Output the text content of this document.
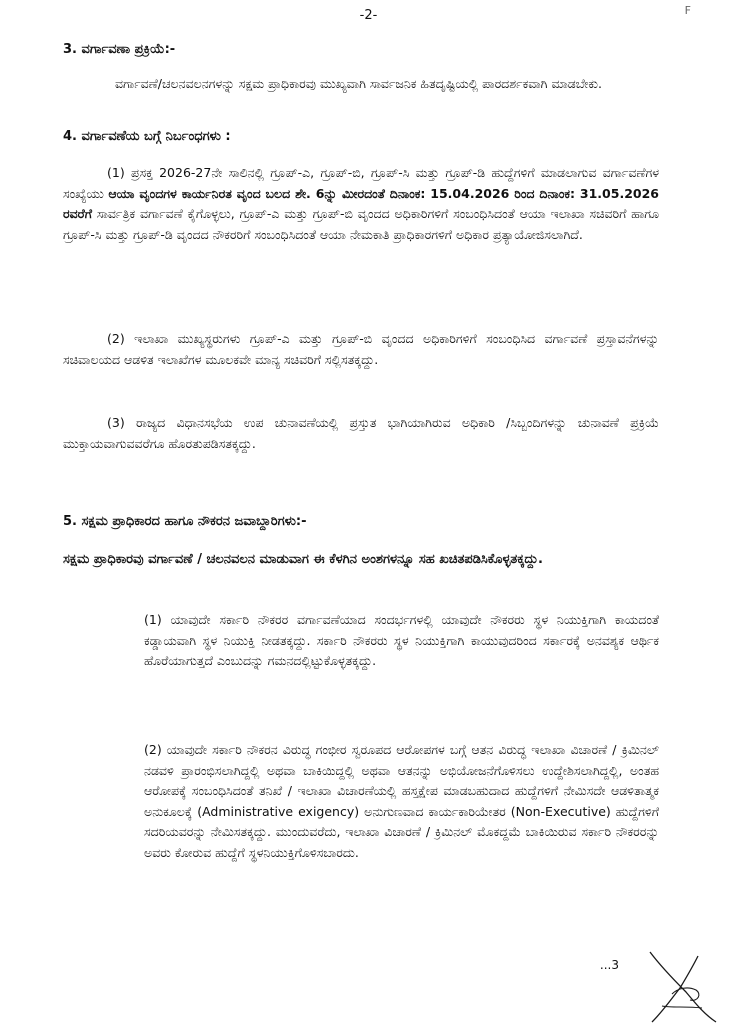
-2-	F
3. ವರ್ಗಾವಣಾ ಪ್ರಕ್ರಿಯೆ:-
ವರ್ಗಾವಣೆ/ಚಲನವಲನಗಳನ್ನು ಸಕ್ಷಮ ಪ್ರಾಧಿಕಾರವು ಮುಖ್ಯವಾಗಿ ಸಾರ್ವಜನಿಕ ಹಿತದೃಷ್ಟಿಯಲ್ಲಿ ಪಾರದರ್ಶಕವಾಗಿ ಮಾಡಬೇಕು.
4. ವರ್ಗಾವಣೆಯ ಬಗ್ಗೆ ನಿರ್ಬಂಧಗಳು :
(1) ಪ್ರಸಕ್ತ 2026-27ನೇ ಸಾಲಿನಲ್ಲಿ ಗ್ರೂಪ್-ಎ, ಗ್ರೂಪ್-ಬಿ, ಗ್ರೂಪ್-ಸಿ ಮತ್ತು ಗ್ರೂಪ್-ಡಿ ಹುದ್ದೆಗಳಿಗೆ ಮಾಡಲಾಗುವ ವರ್ಗಾವಣೆಗಳ ಸಂಖ್ಯೆಯು ಆಯಾ ವೃಂದಗಳ ಕಾರ್ಯನಿರತ ವೃಂದ ಬಲದ ಶೇ. 6ನ್ನು ಮೀರದಂತೆ ದಿನಾಂಕ: 15.04.2026 ರಿಂದ ದಿನಾಂಕ: 31.05.2026 ರವರೆಗೆ ಸಾರ್ವತ್ರಿಕ ವರ್ಗಾವಣೆ ಕೈಗೊಳ್ಳಲು, ಗ್ರೂಪ್-ಎ ಮತ್ತು ಗ್ರೂಪ್-ಬಿ ವೃಂದದ ಅಧಿಕಾರಿಗಳಿಗೆ ಸಂಬಂಧಿಸಿದಂತೆ ಆಯಾ ಇಲಾಖಾ ಸಚಿವರಿಗೆ ಹಾಗೂ ಗ್ರೂಪ್-ಸಿ ಮತ್ತು ಗ್ರೂಪ್-ಡಿ ವೃಂದದ ನೌಕರರಿಗೆ ಸಂಬಂಧಿಸಿದಂತೆ ಆಯಾ ನೇಮಕಾತಿ ಪ್ರಾಧಿಕಾರಗಳಿಗೆ ಅಧಿಕಾರ ಪ್ರತ್ಯಾಯೋಜಿಸಲಾಗಿದೆ.
(2) ಇಲಾಖಾ ಮುಖ್ಯಸ್ಥರುಗಳು ಗ್ರೂಪ್-ಎ ಮತ್ತು ಗ್ರೂಪ್-ಬಿ ವೃಂದದ ಅಧಿಕಾರಿಗಳಿಗೆ ಸಂಬಂಧಿಸಿದ ವರ್ಗಾವಣೆ ಪ್ರಸ್ತಾವನೆಗಳನ್ನು ಸಚಿವಾಲಯದ ಆಡಳಿತ ಇಲಾಖೆಗಳ ಮೂಲಕವೇ ಮಾನ್ಯ ಸಚಿವರಿಗೆ ಸಲ್ಲಿಸತಕ್ಕದ್ದು.
(3) ರಾಜ್ಯದ ವಿಧಾನಸಭೆಯ ಉಪ ಚುನಾವಣೆಯಲ್ಲಿ ಪ್ರಸ್ತುತ ಭಾಗಿಯಾಗಿರುವ ಅಧಿಕಾರಿ /ಸಿಬ್ಬಂದಿಗಳನ್ನು ಚುನಾವಣೆ ಪ್ರಕ್ರಿಯೆ ಮುಕ್ತಾಯವಾಗುವವರೆಗೂ ಹೊರತುಪಡಿಸತಕ್ಕದ್ದು.
5. ಸಕ್ಷಮ ಪ್ರಾಧಿಕಾರದ ಹಾಗೂ ನೌಕರನ ಜವಾಬ್ದಾರಿಗಳು:-
ಸಕ್ಷಮ ಪ್ರಾಧಿಕಾರವು ವರ್ಗಾವಣೆ / ಚಲನವಲನ ಮಾಡುವಾಗ ಈ ಕೆಳಗಿನ ಅಂಶಗಳನ್ನೂ ಸಹ ಖಚಿತಪಡಿಸಿಕೊಳ್ಳತಕ್ಕದ್ದು.
(1) ಯಾವುದೇ ಸರ್ಕಾರಿ ನೌಕರರ ವರ್ಗಾವಣೆಯಾದ ಸಂದರ್ಭಗಳಲ್ಲಿ ಯಾವುದೇ ನೌಕರರು ಸ್ಥಳ ನಿಯುಕ್ತಿಗಾಗಿ ಕಾಯದಂತೆ ಕಡ್ಡಾಯವಾಗಿ ಸ್ಥಳ ನಿಯುಕ್ತಿ ನೀಡತಕ್ಕದ್ದು. ಸರ್ಕಾರಿ ನೌಕರರು ಸ್ಥಳ ನಿಯುಕ್ತಿಗಾಗಿ ಕಾಯುವುದರಿಂದ ಸರ್ಕಾರಕ್ಕೆ ಅನವಶ್ಯಕ ಆರ್ಥಿಕ ಹೊರೆಯಾಗುತ್ತದೆ ಎಂಬುದನ್ನು ಗಮನದಲ್ಲಿಟ್ಟುಕೊಳ್ಳತಕ್ಕದ್ದು.
(2) ಯಾವುದೇ ಸರ್ಕಾರಿ ನೌಕರನ ವಿರುದ್ಧ ಗಂಭೀರ ಸ್ವರೂಪದ ಆರೋಪಗಳ ಬಗ್ಗೆ ಆತನ ವಿರುದ್ಧ ಇಲಾಖಾ ವಿಚಾರಣೆ / ಕ್ರಿಮಿನಲ್ ನಡವಳಿ ಪ್ರಾರಂಭಿಸಲಾಗಿದ್ದಲ್ಲಿ ಅಥವಾ ಬಾಕಿಯಿದ್ದಲ್ಲಿ ಅಥವಾ ಆತನನ್ನು ಅಭಿಯೋಜನೆಗೊಳಿಸಲು ಉದ್ದೇಶಿಸಲಾಗಿದ್ದಲ್ಲಿ, ಅಂತಹ ಆರೋಪಕ್ಕೆ ಸಂಬಂಧಿಸಿದಂತೆ ತನಿಖೆ / ಇಲಾಖಾ ವಿಚಾರಣೆಯಲ್ಲಿ ಹಸ್ತಕ್ಷೇಪ ಮಾಡಬಹುದಾದ ಹುದ್ದೆಗಳಿಗೆ ನೇಮಿಸದೇ ಆಡಳಿತಾತ್ಮಕ ಅನುಕೂಲಕ್ಕೆ (Administrative exigency) ಅನುಗುಣವಾದ ಕಾರ್ಯಕಾರಿಯೇತರ (Non-Executive) ಹುದ್ದೆಗಳಿಗೆ ಸದರಿಯವರನ್ನು ನೇಮಿಸತಕ್ಕದ್ದು. ಮುಂದುವರೆದು, ಇಲಾಖಾ ವಿಚಾರಣೆ / ಕ್ರಿಮಿನಲ್ ಮೊಕದ್ದಮೆ ಬಾಕಿಯಿರುವ ಸರ್ಕಾರಿ ನೌಕರರನ್ನು ಅವರು ಕೋರುವ ಹುದ್ದೆಗೆ ಸ್ಥಳನಿಯುಕ್ತಿಗೊಳಿಸಬಾರದು.
...3
